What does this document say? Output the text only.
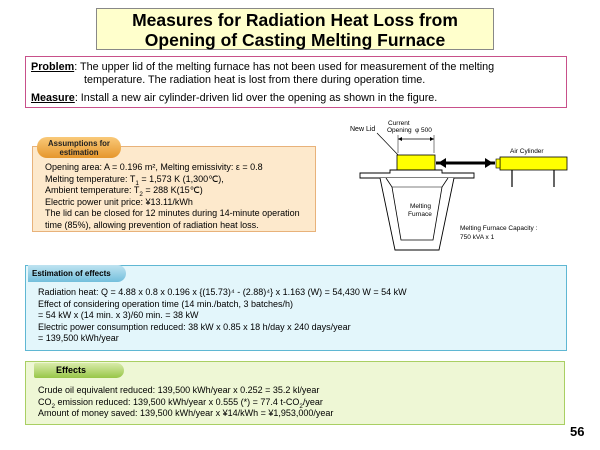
Measures for Radiation Heat Loss from
Opening of Casting Melting Furnace
Problem: The upper lid of the melting furnace has not been used for measurement of the melting
temperature. The radiation heat is lost from there during operation time.
Measure: Install a new air cylinder-driven lid over the opening as shown in the figure.
Assumptions for
estimation
Opening area: A = 0.196 m², Melting emissivity: ε = 0.8
Melting temperature: $T_1 = 1,573$ K (1,300℃),
Ambient temperature: $T_2 = 288$ K(15℃)
Electric power unit price: ¥13.11/kWh
The lid can be closed for 12 minutes during 14-minute operation
time (85%), allowing prevention of radiation heat loss.
New Lid
Current
Opening φ 500
Air Cylinder
Melting
Furnace
Melting Furnace Capacity :
750 kVA x 1
Estimation of effects
Radiation heat: Q = 4.88 x 0.8 x 0.196 x {(15.73)⁴ - (2.88)⁴} x 1.163 (W) = 54,430 W = 54 kW
Effect of considering operation time (14 min./batch, 3 batches/h)
= 54 kW x (14 min. x 3)/60 min. = 38 kW
Electric power consumption reduced: 38 kW x 0.85 x 18 h/day x 240 days/year
= 139,500 kWh/year
Effects
Crude oil equivalent reduced: 139,500 kWh/year x 0.252 = 35.2 kl/year
$CO_2$ emission reduced: 139,500 kWh/year x 0.555 (*) = 77.4 $t-CO_2$/year
Amount of money saved: 139,500 kWh/year x ¥14/kWh = ¥1,953,000/year
56
